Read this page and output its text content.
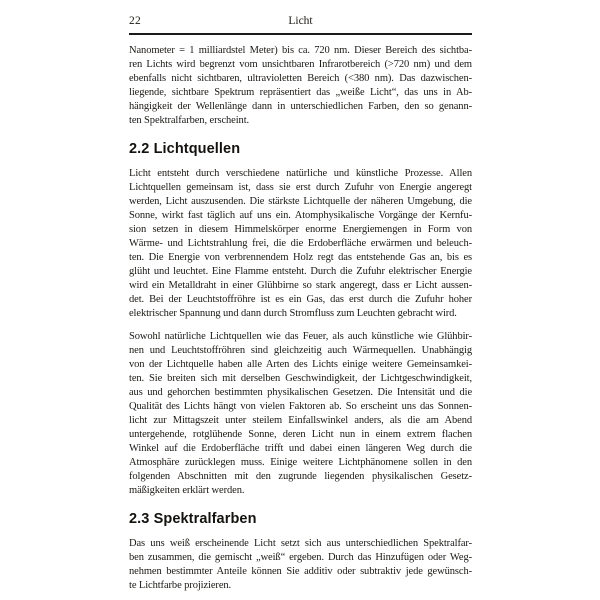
22	Licht
Nanometer = 1 milliardstel Meter) bis ca. 720 nm. Dieser Bereich des sichtba-
ren Lichts wird begrenzt vom unsichtbaren Infrarotbereich (>720 nm) und dem
ebenfalls nicht sichtbaren, ultravioletten Bereich (<380 nm). Das dazwischen-
liegende, sichtbare Spektrum repräsentiert das „weiße Licht“, das uns in Ab-
hängigkeit der Wellenlänge dann in unterschiedlichen Farben, den so genann-
ten Spektralfarben, erscheint.
2.2 Lichtquellen
Licht entsteht durch verschiedene natürliche und künstliche Prozesse. Allen
Lichtquellen gemeinsam ist, dass sie erst durch Zufuhr von Energie angeregt
werden, Licht auszusenden. Die stärkste Lichtquelle der näheren Umgebung, die
Sonne, wirkt fast täglich auf uns ein. Atomphysikalische Vorgänge der Kernfu-
sion setzen in diesem Himmelskörper enorme Energiemengen in Form von
Wärme- und Lichtstrahlung frei, die die Erdoberfläche erwärmen und beleuch-
ten. Die Energie von verbrennendem Holz regt das entstehende Gas an, bis es
glüht und leuchtet. Eine Flamme entsteht. Durch die Zufuhr elektrischer Energie
wird ein Metalldraht in einer Glühbirne so stark angeregt, dass er Licht aussen-
det. Bei der Leuchtstoffröhre ist es ein Gas, das erst durch die Zufuhr hoher
elektrischer Spannung und dann durch Stromfluss zum Leuchten gebracht wird.
Sowohl natürliche Lichtquellen wie das Feuer, als auch künstliche wie Glühbir-
nen und Leuchtstoffröhren sind gleichzeitig auch Wärmequellen. Unabhängig
von der Lichtquelle haben alle Arten des Lichts einige weitere Gemeinsamkei-
ten. Sie breiten sich mit derselben Geschwindigkeit, der Lichtgeschwindigkeit,
aus und gehorchen bestimmten physikalischen Gesetzen. Die Intensität und die
Qualität des Lichts hängt von vielen Faktoren ab. So erscheint uns das Sonnen-
licht zur Mittagszeit unter steilem Einfallswinkel anders, als die am Abend
untergehende, rotglühende Sonne, deren Licht nun in einem extrem flachen
Winkel auf die Erdoberfläche trifft und dabei einen längeren Weg durch die
Atmosphäre zurücklegen muss. Einige weitere Lichtphänomene sollen in den
folgenden Abschnitten mit den zugrunde liegenden physikalischen Gesetz-
mäßigkeiten erklärt werden.
2.3 Spektralfarben
Das uns weiß erscheinende Licht setzt sich aus unterschiedlichen Spektralfar-
ben zusammen, die gemischt „weiß“ ergeben. Durch das Hinzufügen oder Weg-
nehmen bestimmter Anteile können Sie additiv oder subtraktiv jede gewünsch-
te Lichtfarbe projizieren.
